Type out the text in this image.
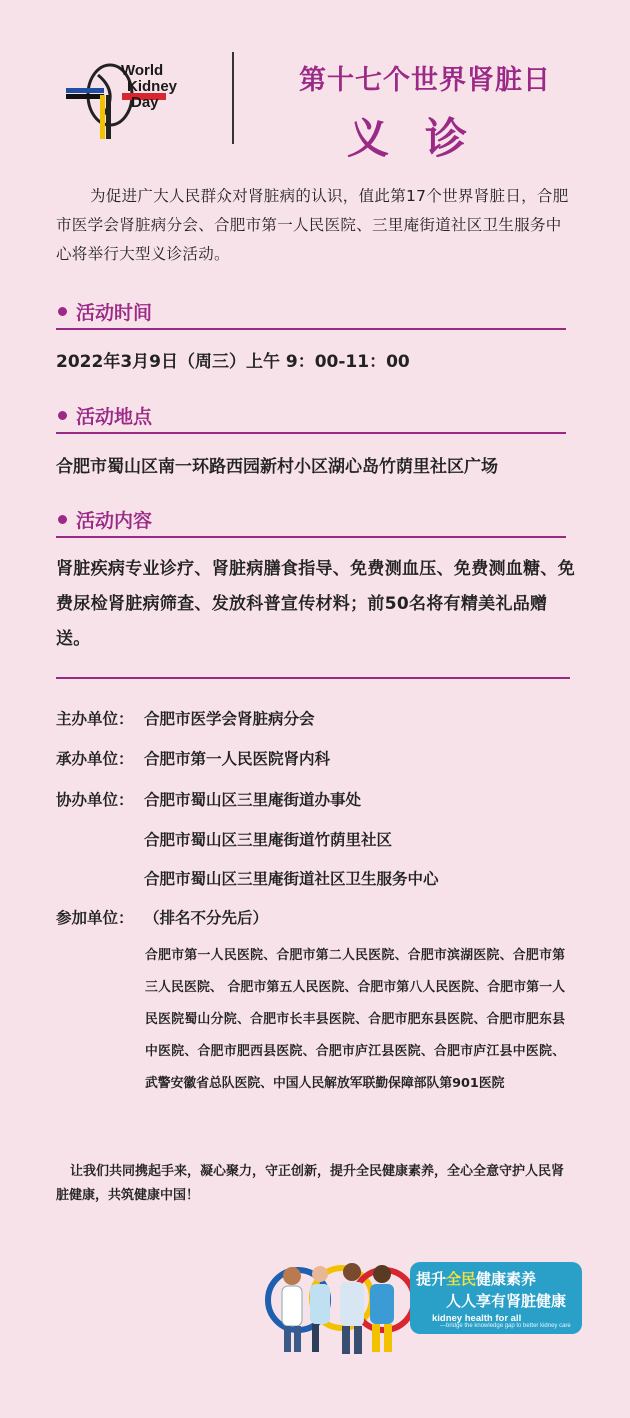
World
Kidney
Day
第十七个世界肾脏日
义诊
为促进广大人民群众对肾脏病的认识，值此第17个世界肾脏日，合肥市医学会肾脏病分会、合肥市第一人民医院、三里庵街道社区卫生服务中心将举行大型义诊活动。
活动时间
2022年3月9日（周三）上午 9：00-11：00
活动地点
合肥市蜀山区南一环路西园新村小区湖心岛竹荫里社区广场
活动内容
肾脏疾病专业诊疗、肾脏病膳食指导、免费测血压、免费测血糖、免费尿检肾脏病筛查、发放科普宣传材料；前50名将有精美礼品赠送。
主办单位： 合肥市医学会肾脏病分会
承办单位： 合肥市第一人民医院肾内科
协办单位： 合肥市蜀山区三里庵街道办事处
合肥市蜀山区三里庵街道竹荫里社区
合肥市蜀山区三里庵街道社区卫生服务中心
参加单位： （排名不分先后）
合肥市第一人民医院、合肥市第二人民医院、合肥市滨湖医院、合肥市第三人民医院、 合肥市第五人民医院、合肥市第八人民医院、合肥市第一人民医院蜀山分院、合肥市长丰县医院、合肥市肥东县医院、合肥市肥东县中医院、合肥市肥西县医院、合肥市庐江县医院、合肥市庐江县中医院、武警安徽省总队医院、中国人民解放军联勤保障部队第901医院
让我们共同携起手来，凝心聚力，守正创新，提升全民健康素养，全心全意守护人民肾脏健康，共筑健康中国！
提升全民健康素养
人人享有肾脏健康
kidney health for all
—bridge the knowledge gap to better kidney care
